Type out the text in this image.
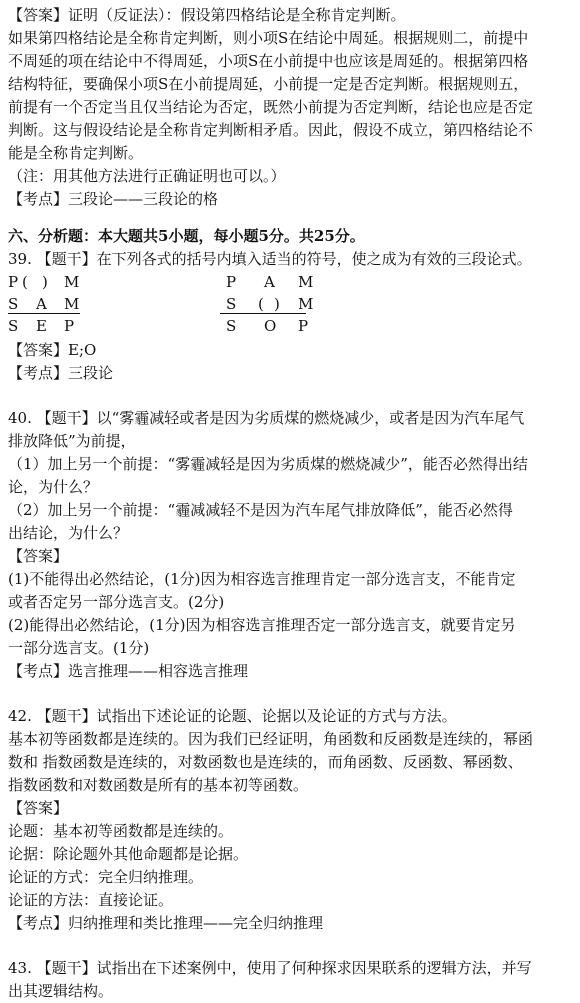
【答案】证明（反证法）：假设第四格结论是全称肯定判断。
如果第四格结论是全称肯定判断，则小项S在结论中周延。根据规则二，前提中
不周延的项在结论中不得周延，小项S在小前提中也应该是周延的。根据第四格
结构特征，要确保小项S在小前提周延，小前提一定是否定判断。根据规则五，
前提有一个否定当且仅当结论为否定，既然小前提为否定判断，结论也应是否定
判断。这与假设结论是全称肯定判断相矛盾。因此，假设不成立，第四格结论不
能是全称肯定判断。
（注：用其他方法进行正确证明也可以。）
【考点】三段论——三段论的格
六、分析题：本大题共5小题，每小题5分。共25分。
39. 【题干】在下列各式的括号内填入适当的符号，使之成为有效的三段论式。
P ( ) M
S A M
S E P
P A M
S ( ) M
S O P
【答案】E;O
【考点】三段论
40. 【题干】以“雾霾减轻或者是因为劣质煤的燃烧减少，或者是因为汽车尾气
排放降低”为前提，
（1）加上另一个前提：“雾霾减轻是因为劣质煤的燃烧减少”，能否必然得出结
论，为什么？
（2）加上另一个前提：“霾减减轻不是因为汽车尾气排放降低”，能否必然得
出结论，为什么？
【答案】
(1)不能得出必然结论，(1分)因为相容选言推理肯定一部分选言支，不能肯定
或者否定另一部分选言支。(2分)
(2)能得出必然结论，(1分)因为相容选言推理否定一部分选言支，就要肯定另
一部分选言支。(1分)
【考点】选言推理——相容选言推理
42. 【题干】试指出下述论证的论题、论据以及论证的方式与方法。
基本初等函数都是连续的。因为我们已经证明，角函数和反函数是连续的，幂函
数和 指数函数是连续的，对数函数也是连续的，而角函数、反函数、幂函数、
指数函数和对数函数是所有的基本初等函数。
【答案】
论题：基本初等函数都是连续的。
论据：除论题外其他命题都是论据。
论证的方式：完全归纳推理。
论证的方法：直接论证。
【考点】归纳推理和类比推理——完全归纳推理
43. 【题干】试指出在下述案例中，使用了何种探求因果联系的逻辑方法，并写
出其逻辑结构。
